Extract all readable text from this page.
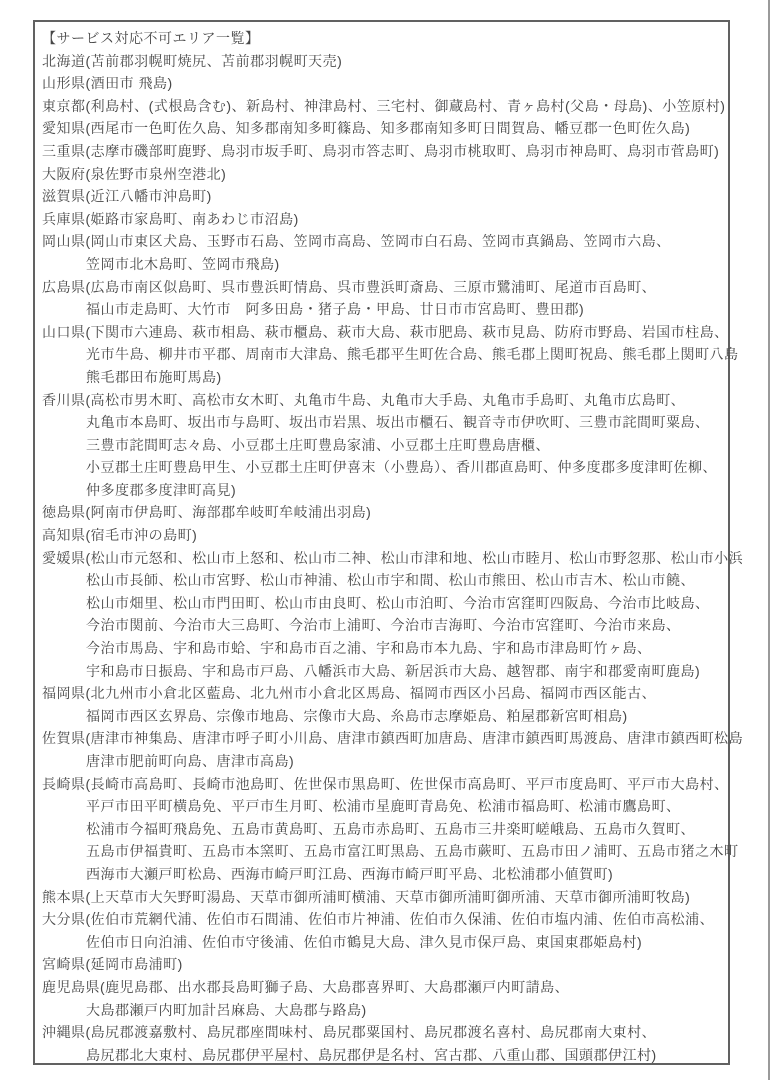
【サービス対応不可エリア一覧】
北海道(苫前郡羽幌町焼尻、苫前郡羽幌町天売)
山形県(酒田市 飛島)
東京都(利島村、(式根島含む)、新島村、神津島村、三宅村、御蔵島村、青ヶ島村(父島・母島)、小笠原村)
愛知県(西尾市一色町佐久島、知多郡南知多町篠島、知多郡南知多町日間賀島、幡豆郡一色町佐久島)
三重県(志摩市磯部町鹿野、鳥羽市坂手町、鳥羽市答志町、鳥羽市桃取町、鳥羽市神島町、鳥羽市菅島町)
大阪府(泉佐野市泉州空港北)
滋賀県(近江八幡市沖島町)
兵庫県(姫路市家島町、南あわじ市沼島)
岡山県(岡山市東区犬島、玉野市石島、笠岡市高島、笠岡市白石島、笠岡市真鍋島、笠岡市六島、
笠岡市北木島町、笠岡市飛島)
広島県(広島市南区似島町、呉市豊浜町情島、呉市豊浜町斎島、三原市鷺浦町、尾道市百島町、
福山市走島町、大竹市　阿多田島・猪子島・甲島、廿日市市宮島町、豊田郡)
山口県(下関市六連島、萩市相島、萩市櫃島、萩市大島、萩市肥島、萩市見島、防府市野島、岩国市柱島、
光市牛島、柳井市平郡、周南市大津島、熊毛郡平生町佐合島、熊毛郡上関町祝島、熊毛郡上関町八島
熊毛郡田布施町馬島)
香川県(高松市男木町、高松市女木町、丸亀市牛島、丸亀市大手島、丸亀市手島町、丸亀市広島町、
丸亀市本島町、坂出市与島町、坂出市岩黒、坂出市櫃石、観音寺市伊吹町、三豊市詫間町粟島、
三豊市詫間町志々島、小豆郡土庄町豊島家浦、小豆郡土庄町豊島唐櫃、
小豆郡土庄町豊島甲生、小豆郡土庄町伊喜末（小豊島）、香川郡直島町、仲多度郡多度津町佐柳、
仲多度郡多度津町高見)
徳島県(阿南市伊島町、海部郡牟岐町牟岐浦出羽島)
高知県(宿毛市沖の島町)
愛媛県(松山市元怒和、松山市上怒和、松山市二神、松山市津和地、松山市睦月、松山市野忽那、松山市小浜
松山市長師、松山市宮野、松山市神浦、松山市宇和間、松山市熊田、松山市吉木、松山市饒、
松山市畑里、松山市門田町、松山市由良町、松山市泊町、今治市宮窪町四阪島、今治市比岐島、
今治市関前、今治市大三島町、今治市上浦町、今治市吉海町、今治市宮窪町、今治市来島、
今治市馬島、宇和島市蛤、宇和島市百之浦、宇和島市本九島、宇和島市津島町竹ヶ島、
宇和島市日振島、宇和島市戸島、八幡浜市大島、新居浜市大島、越智郡、南宇和郡愛南町鹿島)
福岡県(北九州市小倉北区藍島、北九州市小倉北区馬島、福岡市西区小呂島、福岡市西区能古、
福岡市西区玄界島、宗像市地島、宗像市大島、糸島市志摩姫島、粕屋郡新宮町相島)
佐賀県(唐津市神集島、唐津市呼子町小川島、唐津市鎮西町加唐島、唐津市鎮西町馬渡島、唐津市鎮西町松島
唐津市肥前町向島、唐津市高島)
長崎県(長崎市高島町、長崎市池島町、佐世保市黒島町、佐世保市高島町、平戸市度島町、平戸市大島村、
平戸市田平町横島免、平戸市生月町、松浦市星鹿町青島免、松浦市福島町、松浦市鷹島町、
松浦市今福町飛島免、五島市黄島町、五島市赤島町、五島市三井楽町嵯峨島、五島市久賀町、
五島市伊福貴町、五島市本窯町、五島市富江町黒島、五島市蕨町、五島市田ノ浦町、五島市猪之木町
西海市大瀬戸町松島、西海市崎戸町江島、西海市崎戸町平島、北松浦郡小値賀町)
熊本県(上天草市大矢野町湯島、天草市御所浦町横浦、天草市御所浦町御所浦、天草市御所浦町牧島)
大分県(佐伯市荒網代浦、佐伯市石間浦、佐伯市片神浦、佐伯市久保浦、佐伯市塩内浦、佐伯市高松浦、
佐伯市日向泊浦、佐伯市守後浦、佐伯市鶴見大島、津久見市保戸島、東国東郡姫島村)
宮崎県(延岡市島浦町)
鹿児島県(鹿児島郡、出水郡長島町獅子島、大島郡喜界町、大島郡瀬戸内町請島、
大島郡瀬戸内町加計呂麻島、大島郡与路島)
沖縄県(島尻郡渡嘉敷村、島尻郡座間味村、島尻郡粟国村、島尻郡渡名喜村、島尻郡南大東村、
島尻郡北大東村、島尻郡伊平屋村、島尻郡伊是名村、宮古郡、八重山郡、国頭郡伊江村)
